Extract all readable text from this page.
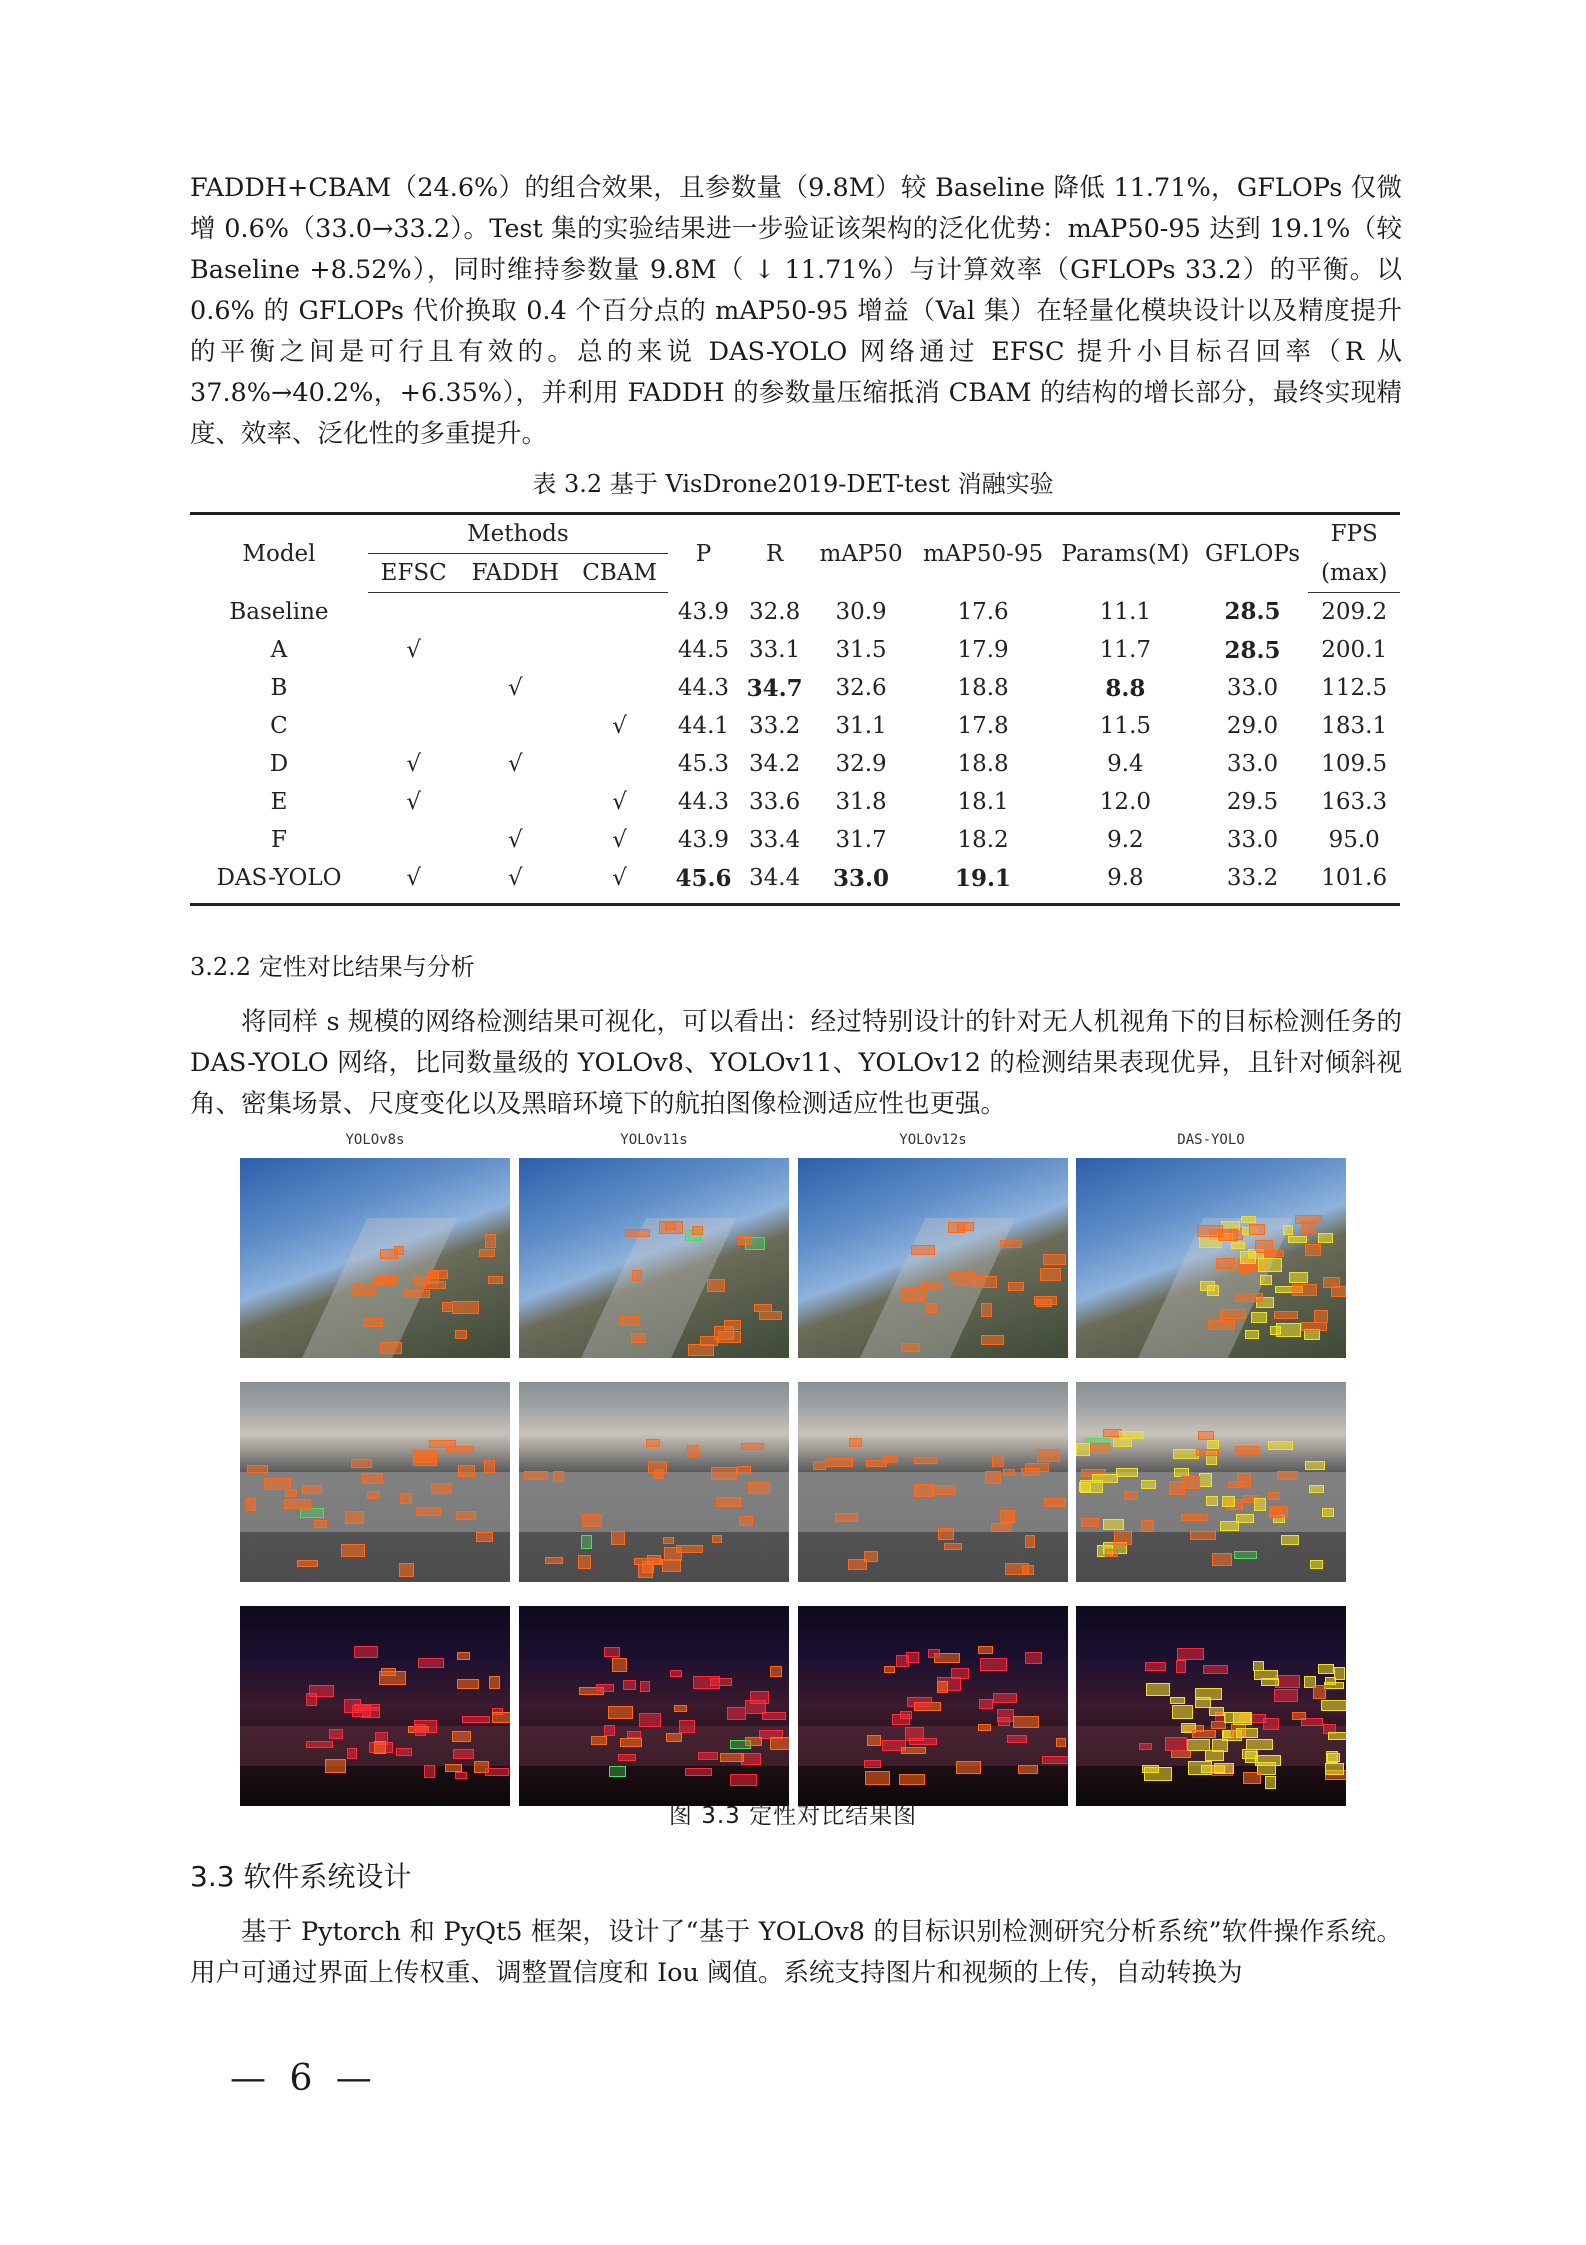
FADDH+CBAM（24.6%）的组合效果，且参数量（9.8M）较 Baseline 降低 11.71%，GFLOPs 仅微增 0.6%（33.0→33.2）。Test 集的实验结果进一步验证该架构的泛化优势：mAP50-95 达到 19.1%（较 Baseline +8.52%），同时维持参数量 9.8M（ ↓ 11.71%）与计算效率（GFLOPs 33.2）的平衡。以 0.6% 的 GFLOPs 代价换取 0.4 个百分点的 mAP50-95 增益（Val 集）在轻量化模块设计以及精度提升的平衡之间是可行且有效的。总的来说 DAS-YOLO 网络通过 EFSC 提升小目标召回率（R 从 37.8%→40.2%，+6.35%），并利用 FADDH 的参数量压缩抵消 CBAM 的结构的增长部分，最终实现精度、效率、泛化性的多重提升。

表 3.2 基于 VisDrone2019-DET-test 消融实验
Model	Methods			P	R	mAP50	mAP50-95	Params(M)	GFLOPs	FPS
	EFSC	FADDH	CBAM							(max)
Baseline				43.9	32.8	30.9	17.6	11.1	28.5	209.2
A	√			44.5	33.1	31.5	17.9	11.7	28.5	200.1
B		√		44.3	34.7	32.6	18.8	8.8	33.0	112.5
C			√	44.1	33.2	31.1	17.8	11.5	29.0	183.1
D	√	√		45.3	34.2	32.9	18.8	9.4	33.0	109.5
E	√		√	44.3	33.6	31.8	18.1	12.0	29.5	163.3
F		√	√	43.9	33.4	31.7	18.2	9.2	33.0	95.0
DAS-YOLO	√	√	√	45.6	34.4	33.0	19.1	9.8	33.2	101.6
3.2.2 定性对比结果与分析

将同样 s 规模的网络检测结果可视化，可以看出：经过特别设计的针对无人机视角下的目标检测任务的 DAS-YOLO 网络，比同数量级的 YOLOv8、YOLOv11、YOLOv12 的检测结果表现优异，且针对倾斜视角、密集场景、尺度变化以及黑暗环境下的航拍图像检测适应性也更强。

YOLOv8s	YOLOv11s	YOLOv12s	DAS-YOLO
图 3.3 定性对比结果图
3.3 软件系统设计

基于 Pytorch 和 PyQt5 框架，设计了“基于 YOLOv8 的目标识别检测研究分析系统”软件操作系统。用户可通过界面上传权重、调整置信度和 Iou 阈值。系统支持图片和视频的上传，自动转换为

— 6 —
